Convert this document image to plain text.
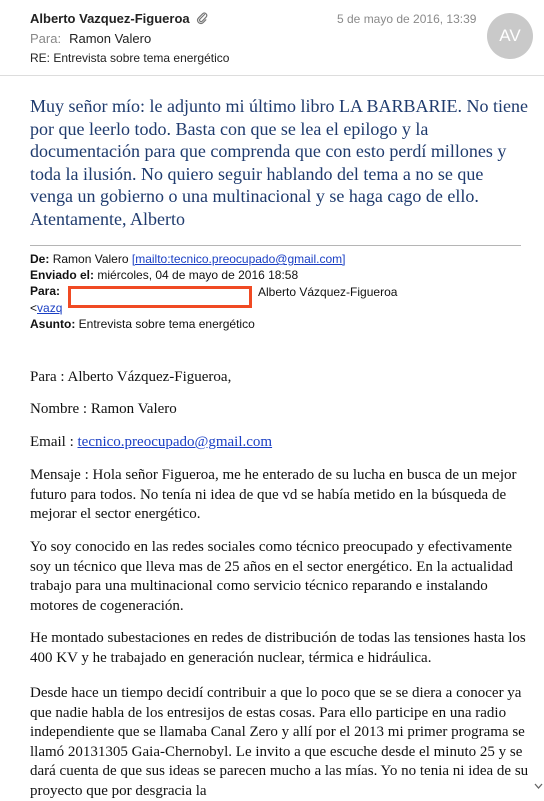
Alberto Vazquez-Figueroa	5 de mayo de 2016, 13:39
AV
Para: Ramon Valero
RE: Entrevista sobre tema energético
Muy señor mío: le adjunto mi último libro LA BARBARIE. No tiene por que leerlo todo. Basta con que se lea el epilogo y la documentación para que comprenda que con esto perdí millones y toda la ilusión. No quiero seguir hablando del tema a no se que venga un gobierno o una multinacional y se haga cago de ello. Atentamente, Alberto
De: Ramon Valero [mailto:tecnico.preocupado@gmail.com]
Enviado el: miércoles, 04 de mayo de 2016 18:58
Para:	Alberto Vázquez-Figueroa
<vazq
Asunto: Entrevista sobre tema energético
Para : Alberto Vázquez-Figueroa,
Nombre : Ramon Valero
Email : tecnico.preocupado@gmail.com
Mensaje : Hola señor Figueroa, me he enterado de su lucha en busca de un mejor futuro para todos. No tenía ni idea de que vd se había metido en la búsqueda de mejorar el sector energético.
Yo soy conocido en las redes sociales como técnico preocupado y efectivamente soy un técnico que lleva mas de 25 años en el sector energético. En la actualidad trabajo para una multinacional como servicio técnico reparando e instalando motores de cogeneración.
He montado subestaciones en redes de distribución de todas las tensiones hasta los 400 KV y he trabajado en generación nuclear, térmica e hidráulica.
Desde hace un tiempo decidí contribuir a que lo poco que se se diera a conocer ya que nadie habla de los entresijos de estas cosas. Para ello participe en una radio independiente que se llamaba Canal Zero y allí por el 2013 mi primer programa se llamó 20131305 Gaia-Chernobyl. Le invito a que escuche desde el minuto 25 y se dará cuenta de que sus ideas se parecen mucho a las mías. Yo no tenia ni idea de su proyecto que por desgracia la
